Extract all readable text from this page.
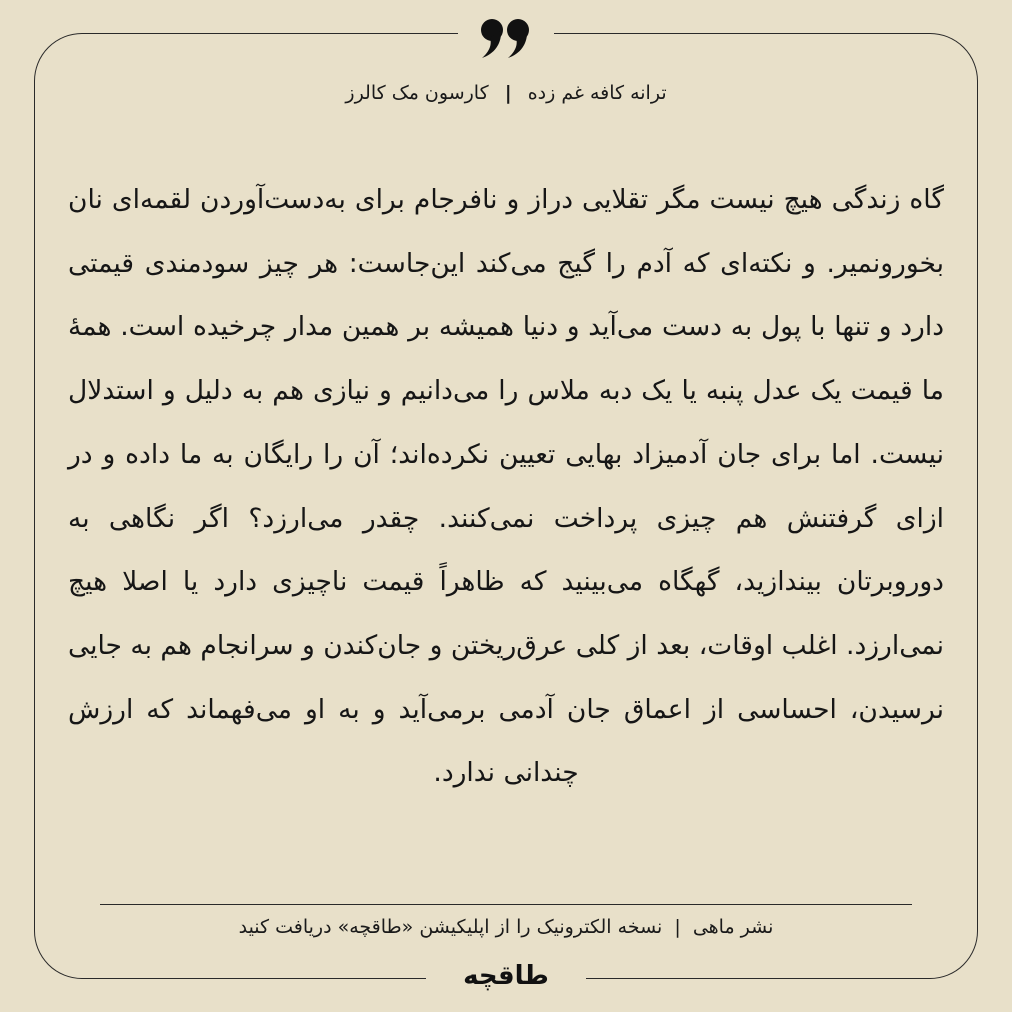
ترانه کافه غم زده | کارسون مک کالرز
گاه زندگی هیچ نیست مگر تقلایی دراز و نافرجام برای به‌دست‌آوردن لقمه‌ای نان بخورونمیر. و نکته‌ای که آدم را گیج می‌کند این‌جاست: هر چیز سودمندی قیمتی دارد و تنها با پول به دست می‌آید و دنیا همیشه بر همین مدار چرخیده است. همهٔ ما قیمت یک عدل پنبه یا یک دبه ملاس را می‌دانیم و نیازی هم به دلیل و استدلال نیست. اما برای جان آدمیزاد بهایی تعیین نکرده‌اند؛ آن را رایگان به ما داده و در ازای گرفتنش هم چیزی پرداخت نمی‌کنند. چقدر می‌ارزد؟ اگر نگاهی به دوروبرتان بیندازید، گهگاه می‌بینید که ظاهراً قیمت ناچیزی دارد یا اصلا هیچ نمی‌ارزد. اغلب اوقات، بعد از کلی عرق‌ریختن و جان‌کندن و سرانجام هم به جایی نرسیدن، احساسی از اعماق جان آدمی برمی‌آید و به او می‌فهماند که ارزش چندانی ندارد.
نشر ماهی | نسخه الکترونیک را از اپلیکیشن «طاقچه» دریافت کنید
طاقچه
